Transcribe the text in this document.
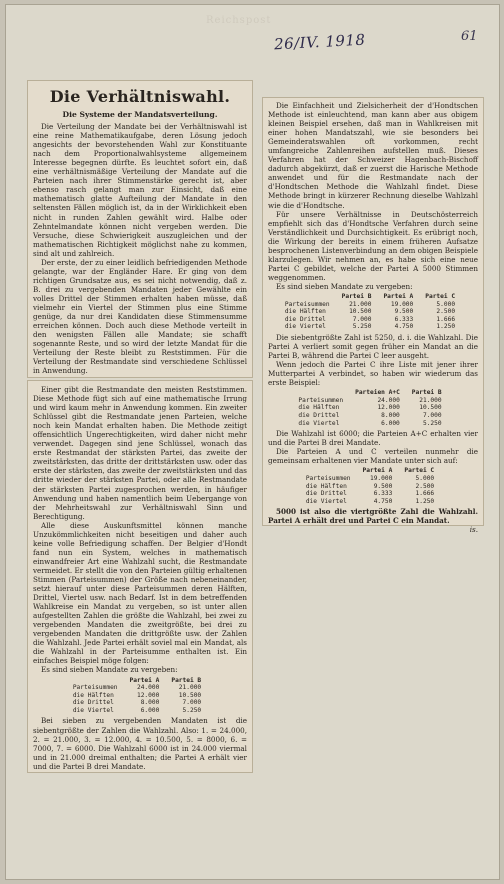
Reichspost
26/IV. 1918	61
Die Verhältniswahl.
Die Systeme der Mandatsverteilung.

Die Verteilung der Mandate bei der Verhältniswahl ist eine reine Mathematikaufgabe, deren Lösung jedoch angesichts der bevorstehenden Wahl zur Konstituante nach dem Proportionalwahlsysteme allgemeinem Interesse begegnen dürfte. Es leuchtet sofort ein, daß eine verhältnismäßige Verteilung der Mandate auf die Parteien nach ihrer Stimmenstärke gerecht ist, aber ebenso rasch gelangt man zur Einsicht, daß eine mathematisch glatte Aufteilung der Mandate in den seltensten Fällen möglich ist, da in der Wirklichkeit eben nicht in runden Zahlen gewählt wird. Halbe oder Zehntelmandate können nicht vergeben werden. Die Versuche, diese Schwierigkeit auszugleichen und der mathematischen Richtigkeit möglichst nahe zu kommen, sind alt und zahlreich.

Der erste, der zu einer leidlich befriedigenden Methode gelangte, war der Engländer Hare. Er ging von dem richtigen Grundsatze aus, es sei nicht notwendig, daß z. B. drei zu vergebenden Mandaten jeder Gewählte ein volles Drittel der Stimmen erhalten haben müsse, daß vielmehr ein Viertel der Stimmen plus eine Stimme genüge, da nur drei Kandidaten diese Stimmensumme erreichen können. Doch auch diese Methode verteilt in den wenigsten Fällen alle Mandate; sie schafft sogenannte Reste, und so wird der letzte Mandat für die Verteilung der Reste bleibt zu Reststimmen. Für die Verteilung der Restmandate sind verschiedene Schlüssel in Anwendung.

Einer gibt die Restmandate den meisten Reststimmen. Diese Methode fügt sich auf eine mathematische Irrung und wird kaum mehr in Anwendung kommen. Ein zweiter Schlüssel gibt die Restmandate jenen Parteien, welche noch kein Mandat erhalten haben. Die Methode zeitigt offensichtlich Ungerechtigkeiten, wird daher nicht mehr verwendet. Dagegen sind jene Schlüssel, wonach das erste Restmandat der stärksten Partei, das zweite der zweitstärksten, das dritte der drittstärksten usw. oder das erste der stärksten, das zweite der zweitstärksten und das dritte wieder der stärksten Partei, oder alle Restmandate der stärksten Partei zugesprochen werden, in häufiger Anwendung und haben namentlich beim Uebergange von der Mehrheitswahl zur Verhältniswahl Sinn und Berechtigung.

Alle diese Auskunftsmittel können manche Unzukömmlichkeiten nicht beseitigen und daher auch keine volle Befriedigung schaffen. Der Belgier d'Hondt fand nun ein System, welches in mathematisch einwandfreier Art eine Wahlzahl sucht, die Restmandate vermeidet. Er stellt die von den Parteien gültig erhaltenen Stimmen (Parteisummen) der Größe nach nebeneinander, setzt hierauf unter diese Parteisummen deren Hälften, Drittel, Viertel usw. nach Bedarf. Ist in dem betreffenden Wahlkreise ein Mandat zu vergeben, so ist unter allen aufgestellten Zahlen die größte die Wahlzahl, bei zwei zu vergebenden Mandaten die zweitgrößte, bei drei zu vergebenden Mandaten die drittgrößte usw. der Zahlen die Wahlzahl. Jede Partei erhält soviel mal ein Mandat, als die Wahlzahl in der Parteisumme enthalten ist. Ein einfaches Beispiel möge folgen:

Es sind sieben Mandate zu vergeben:

	Partei A	Partei B
Parteisummen	24.000	21.000
die Hälften	12.000	10.500
die Drittel	8.000	7.000
die Viertel	6.000	5.250

Bei sieben zu vergebenden Mandaten ist die siebentgrößte der Zahlen die Wahlzahl. Also: 1. = 24.000, 2. = 21.000, 3. = 12.000, 4. = 10.500, 5. = 8000, 6. = 7000, 7. = 6000. Die Wahlzahl 6000 ist in 24.000 viermal und in 21.000 dreimal enthalten; die Partei A erhält vier und die Partei B drei Mandate.

Die Einfachheit und Zielsicherheit der d'Hondtschen Methode ist einleuchtend, man kann aber aus obigem kleinen Beispiel ersehen, daß man in Wahlkreisen mit einer hohen Mandatszahl, wie sie besonders bei Gemeinderatswahlen oft vorkommen, recht umfangreiche Zahlenreihen aufstellen muß. Dieses Verfahren hat der Schweizer Hagenbach-Bischoff dadurch abgekürzt, daß er zuerst die Harische Methode anwendet und für die Restmandate nach der d'Hondtschen Methode die Wahlzahl findet. Diese Methode bringt in kürzerer Rechnung dieselbe Wahlzahl wie die d'Hondtsche.

Für unsere Verhältnisse in Deutschösterreich empfiehlt sich das d'Hondtsche Verfahren durch seine Verständlichkeit und Durchsichtigkeit. Es erübrigt noch, die Wirkung der bereits in einem früheren Aufsatze besprochenen Listenverbindung an dem obigen Beispiele klarzulegen. Wir nehmen an, es habe sich eine neue Partei C gebildet, welche der Partei A 5000 Stimmen weggenommen.

Es sind sieben Mandate zu vergeben:

	Partei B	Partei A	Partei C
Parteisummen	21.000	19.000	5.000
die Hälften	10.500	9.500	2.500
die Drittel	7.000	6.333	1.666
die Viertel	5.250	4.750	1.250

Die siebentgrößte Zahl ist 5250, d. i. die Wahlzahl. Die Partei A verliert somit gegen früher ein Mandat an die Partei B, während die Partei C leer ausgeht.

Wenn jedoch die Partei C ihre Liste mit jener ihrer Mutterpartei A verbindet, so haben wir wiederum das erste Beispiel:

	Parteien A+C	Partei B
Parteisummen	24.000	21.000
die Hälften	12.000	10.500
die Drittel	8.000	7.000
die Viertel	6.000	5.250

Die Wahlzahl ist 6000; die Parteien A+C erhalten vier und die Partei B drei Mandate.

Die Parteien A und C verteilen nunmehr die gemeinsam erhaltenen vier Mandate unter sich auf:

	Partei A	Partei C
Parteisummen	19.000	5.000
die Hälften	9.500	2.500
die Drittel	6.333	1.666
die Viertel	4.750	1.250

5000 ist also die viertgrößte Zahl die Wahlzahl. Partei A erhält drei und Partei C ein Mandat.

is.
